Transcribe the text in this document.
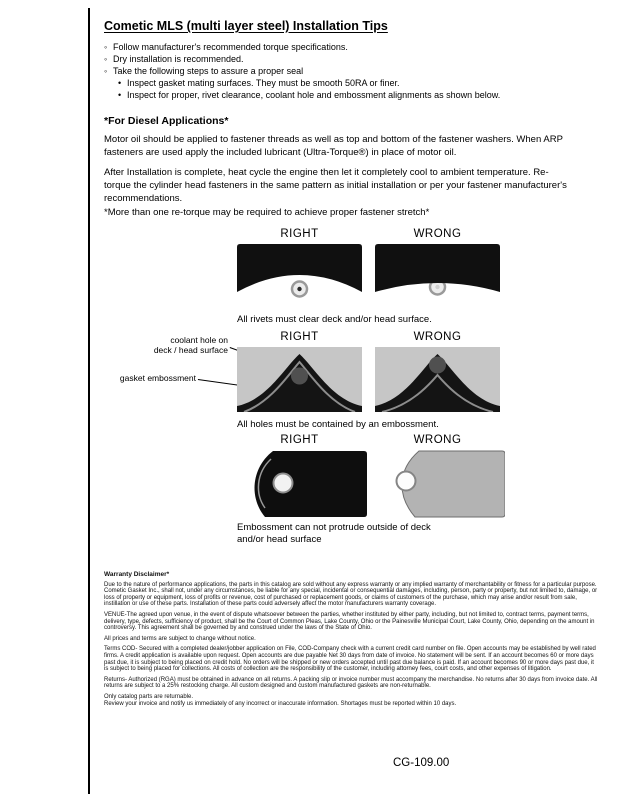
Cometic MLS (multi layer steel) Installation Tips
◦ Follow manufacturer's recommended torque specifications.
◦ Dry installation is recommended.
◦ Take the following steps to assure a proper seal
• Inspect gasket mating surfaces. They must be smooth 50RA or finer.
• Inspect for proper, rivet clearance, coolant hole and embossment alignments as shown below.
*For Diesel Applications*

Motor oil should be applied to fastener threads as well as top and bottom of the fastener washers. When ARP fasteners are used apply the included lubricant (Ultra-Torque®) in place of motor oil.

After Installation is complete, heat cycle the engine then let it completely cool to ambient temperature. Re-torque the cylinder head fasteners in the same pattern as initial installation or per your fastener manufacturer's recommendations.

*More than one re-torque may be required to achieve proper fastener stretch*

RIGHT	WRONG
All rivets must clear deck and/or head surface.
RIGHT	WRONG
coolant hole on
deck / head surface
gasket embossment
All holes must be contained by an embossment.
RIGHT	WRONG
Embossment can not protrude outside of deck and/or head surface
Warranty Disclaimer*

Due to the nature of performance applications, the parts in this catalog are sold without any express warranty or any implied warranty of merchantability or fitness for a particular purpose. Cometic Gasket Inc., shall not, under any circumstances, be liable for any special, incidental or consequential damages, including, person, party or property, but not limited to, damage, or loss of property or equipment, loss of profits or revenue, cost of purchased or replacement goods, or claims of customers of the purchase, which may arise and/or result from sale, instillation or use of these parts. Installation of these parts could adversely affect the motor manufacturers warranty coverage.

VENUE-The agreed upon venue, in the event of dispute whatsoever between the parties, whether instituted by either party, including, but not limited to, contract terms, payment terms, delivery, type, defects, sufficiency of product, shall be the Court of Common Pleas, Lake County, Ohio or the Painesville Municipal Court, Lake County, Ohio, depending on the amount in controversy. This agreement shall be governed by and construed under the laws of the State of Ohio.

All prices and terms are subject to change without notice.

Terms COD- Secured with a completed dealer/jobber application on File, COD-Company check with a current credit card number on file. Open accounts may be established by well rated firms. A credit application is available upon request. Open accounts are due payable Net 30 days from date of invoice. No statement will be sent. If an account becomes 60 or more days past due, it is subject to being placed on credit hold. No orders will be shipped or new orders accepted until past due balance is paid. If an account becomes 90 or more days past due, it is subject to being placed for collections. All costs of collection are the responsibility of the customer, including attorney fees, court costs, and other expenses of litigation.

Returns- Authorized (RGA) must be obtained in advance on all returns. A packing slip or invoice number must accompany the merchandise. No returns after 30 days from invoice date. All returns are subject to a 25% restocking charge. All custom designed and custom manufactured gaskets are non-returnable.

Only catalog parts are returnable.

Review your invoice and notify us immediately of any incorrect or inaccurate information. Shortages must be reported within 10 days.

CG-109.00
